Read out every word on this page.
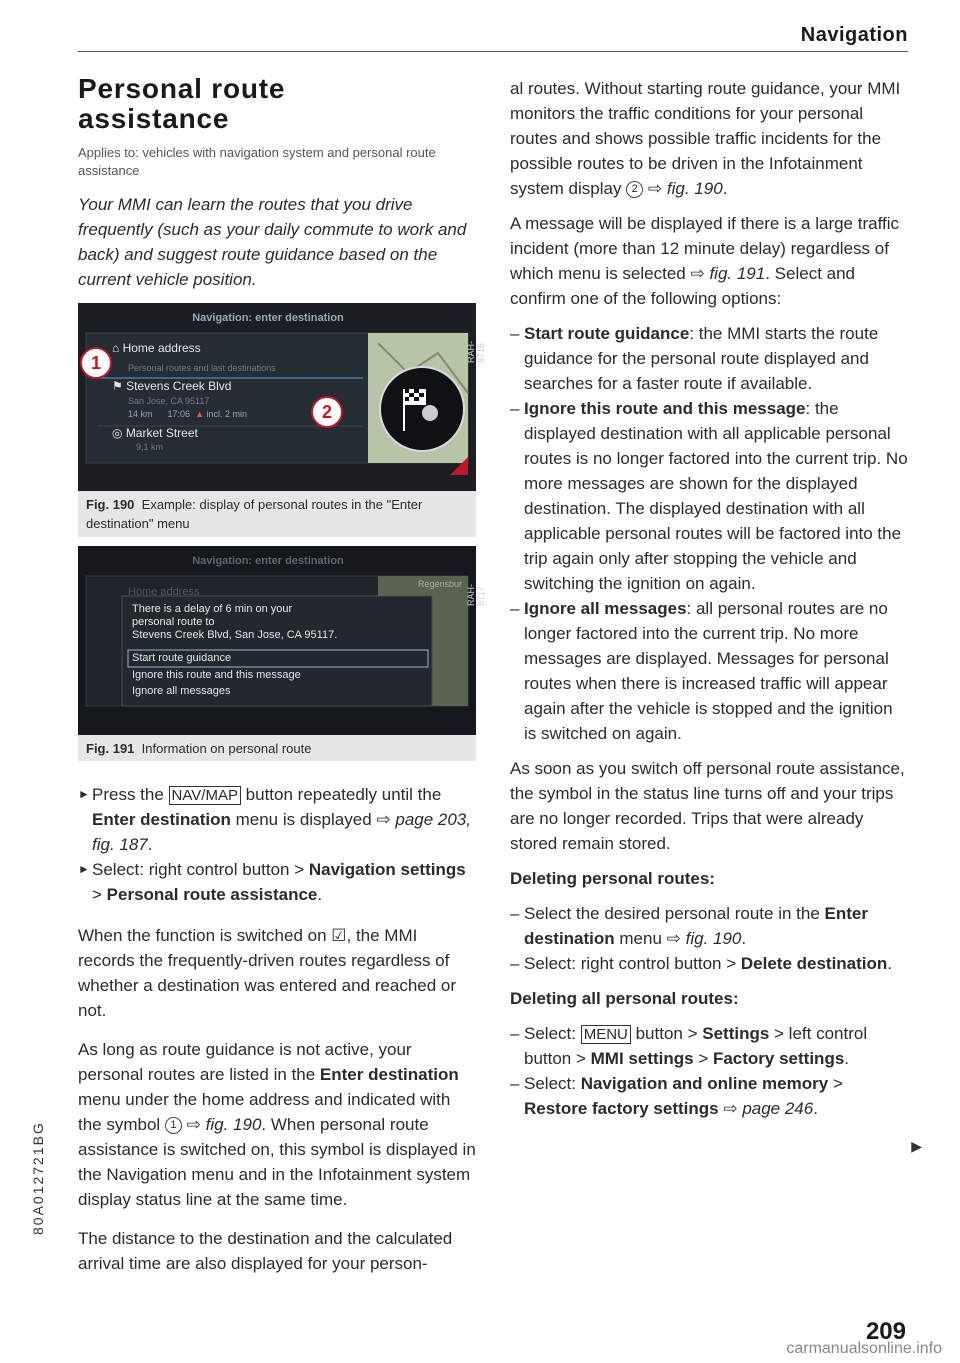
Navigation
Personal route assistance
Applies to: vehicles with navigation system and personal route assistance
Your MMI can learn the routes that you drive frequently (such as your daily commute to work and back) and suggest route guidance based on the current vehicle position.
Navigation: enter destination
⌂ Home address
Personal routes and last destinations
⚑ Stevens Creek Blvd
San Jose, CA 95117
14 km 17:06 ▲ incl. 2 min
◎ Market Street
9,1 km
1
2
RAH-8716
Fig. 190 Example: display of personal routes in the "Enter destination" menu
Navigation: enter destination
Home address
Regensbur
There is a delay of 6 min on your
personal route to
Stevens Creek Blvd, San Jose, CA 95117.
Start route guidance
Ignore this route and this message
Ignore all messages
RAH-8717
Fig. 191 Information on personal route
► Press the NAV/MAP button repeatedly until the Enter destination menu is displayed ⇨ page 203, fig. 187.
► Select: right control button > Navigation settings > Personal route assistance.

When the function is switched on ☑, the MMI records the frequently-driven routes regardless of whether a destination was entered and reached or not.

As long as route guidance is not active, your personal routes are listed in the Enter destination menu under the home address and indicated with the symbol 1 ⇨ fig. 190. When personal route assistance is switched on, this symbol is displayed in the Navigation menu and in the Infotainment system display status line at the same time.

The distance to the destination and the calculated arrival time are also displayed for your person-

al routes. Without starting route guidance, your MMI monitors the traffic conditions for your personal routes and shows possible traffic incidents for the possible routes to be driven in the Infotainment system display 2 ⇨ fig. 190.

A message will be displayed if there is a large traffic incident (more than 12 minute delay) regardless of which menu is selected ⇨ fig. 191. Select and confirm one of the following options:

– Start route guidance: the MMI starts the route guidance for the personal route displayed and searches for a faster route if available.
– Ignore this route and this message: the displayed destination with all applicable personal routes is no longer factored into the current trip. No more messages are shown for the displayed destination. The displayed destination with all applicable personal routes will be factored into the trip again only after stopping the vehicle and switching the ignition on again.
– Ignore all messages: all personal routes are no longer factored into the current trip. No more messages are displayed. Messages for personal routes when there is increased traffic will appear again after the vehicle is stopped and the ignition is switched on again.

As soon as you switch off personal route assistance, the symbol in the status line turns off and your trips are no longer recorded. Trips that were already stored remain stored.

Deleting personal routes:

– Select the desired personal route in the Enter destination menu ⇨ fig. 190.
– Select: right control button > Delete destination.

Deleting all personal routes:

– Select: MENU button > Settings > left control button > MMI settings > Factory settings.
– Select: Navigation and online memory > Restore factory settings ⇨ page 246.
▶
80A012721BG
209
carmanualsonline.info
